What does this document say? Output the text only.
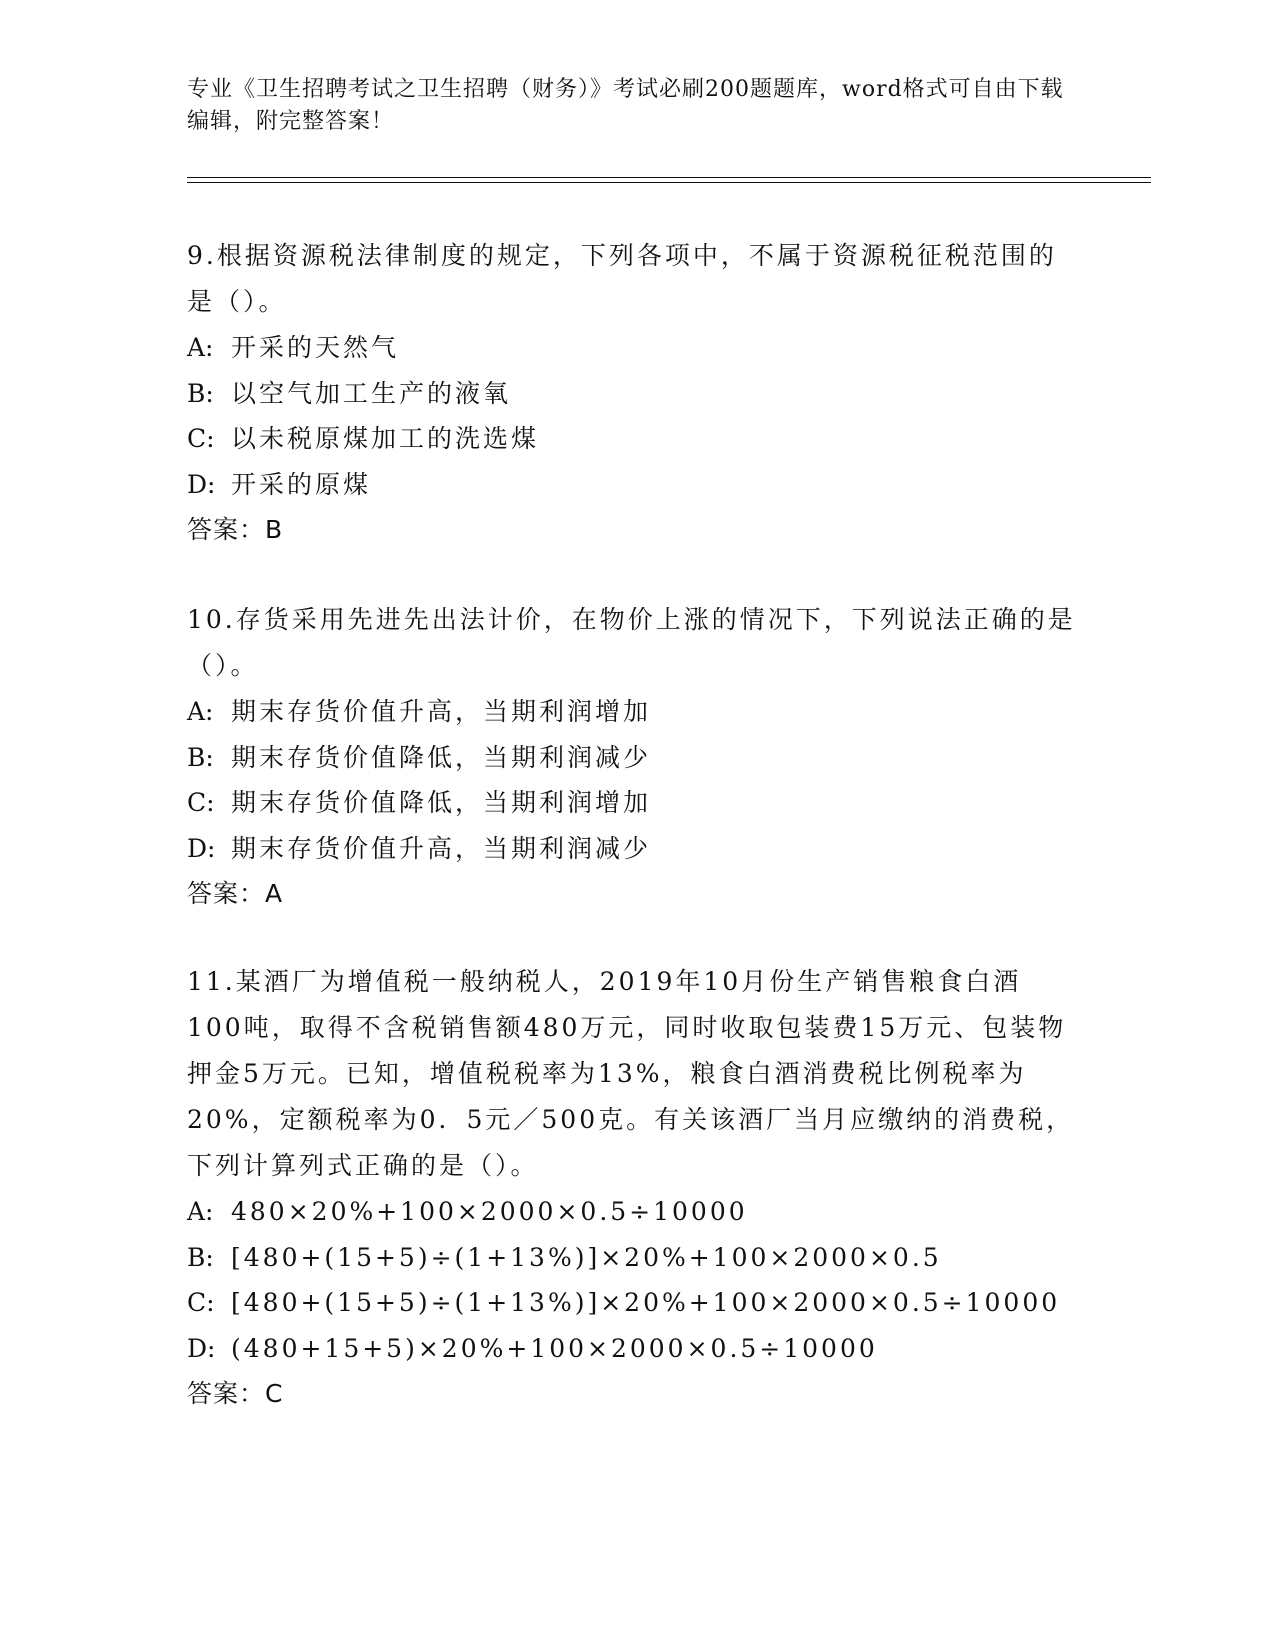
专业《卫生招聘考试之卫生招聘（财务）》考试必刷200题题库，word格式可自由下载编辑，附完整答案！
9.根据资源税法律制度的规定，下列各项中，不属于资源税征税范围的是（）。
A: 开采的天然气
B: 以空气加工生产的液氧
C: 以未税原煤加工的洗选煤
D: 开采的原煤
答案：B
10.存货采用先进先出法计价，在物价上涨的情况下，下列说法正确的是（）。
A: 期末存货价值升高，当期利润增加
B: 期末存货价值降低，当期利润减少
C: 期末存货价值降低，当期利润增加
D: 期末存货价值升高，当期利润减少
答案：A
11.某酒厂为增值税一般纳税人，2019年10月份生产销售粮食白酒100吨，取得不含税销售额480万元，同时收取包装费15万元、包装物押金5万元。已知，增值税税率为13%，粮食白酒消费税比例税率为20%，定额税率为0．5元／500克。有关该酒厂当月应缴纳的消费税，下列计算列式正确的是（）。
A: 480×20%+100×2000×0.5÷10000
B: [480+(15+5)÷(1+13%)]×20%+100×2000×0.5
C: [480+(15+5)÷(1+13%)]×20%+100×2000×0.5÷10000
D: (480+15+5)×20%+100×2000×0.5÷10000
答案：C
